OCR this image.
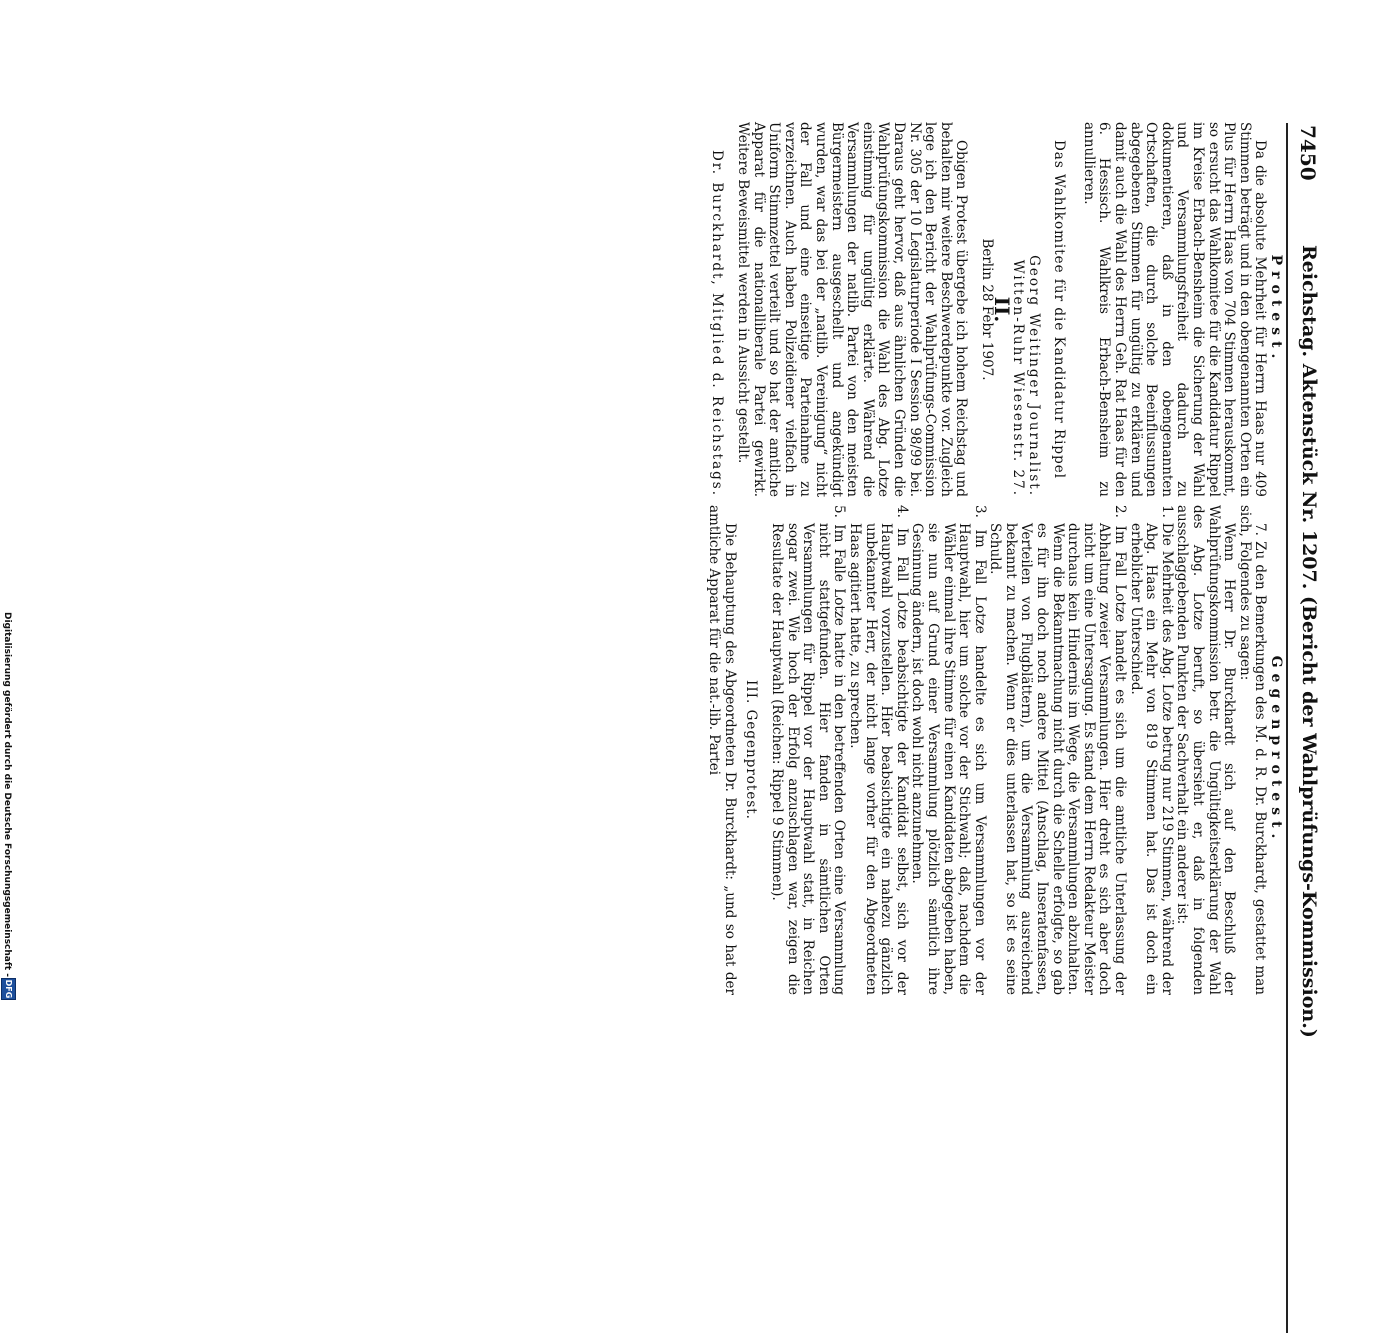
7450
Reichstag. Aktenstück Nr. 1207. (Bericht der Wahlprüfungs-Kommission.)

Protest.

Da die absolute Mehrheit für Herrn Haas nur 409 Stimmen beträgt und in den obengenannten Orten ein Plus für Herrn Haas von 704 Stimmen herauskommt, so ersucht das Wahlkomitee für die Kandidatur Rippel im Kreise Erbach-Bensheim die Sicherung der Wahl und Versammlungsfreiheit dadurch zu dokumentieren, daß in den obengenannten Ortschaften, die durch solche Beeinflussungen abgegebenen Stimmen für ungültig zu erklären und damit auch die Wahl des Herrn Geh. Rat Haas für den 6. Hessisch. Wahlkreis Erbach-Bensheim zu annullieren.

Das Wahlkomitee für die Kandidatur Rippel

Georg Weitinger Journalist.

Witten-Ruhr Wiesenstr. 27.

II.

Berlin 28 Febr 1907.

Obigen Protest übergebe ich hohem Reichstag und behalten mir weitere Beschwerdepunkte vor. Zugleich lege ich den Bericht der Wahlprüfungs-Commission Nr. 305 der 10 Legislaturperiode I Session 98/99 bei. Daraus geht hervor, daß aus ähnlichen Gründen die Wahlprüfungskommission die Wahl des Abg. Lotze einstimmig für ungültig erklärte. Während die Versammlungen der natlib. Partei von den meisten Bürgermeistern ausgeschellt und angekündigt wurden, war das bei der „natlib. Vereinigung“ nicht der Fall und eine einseitige Parteinahme zu verzeichnen. Auch haben Polizeidiener vielfach in Uniform Stimmzettel verteilt und so hat der amtliche Apparat für die nationalliberale Partei gewirkt. Weitere Beweismittel werden in Aussicht gestellt.

Dr. Burckhardt, Mitglied d. Reichstags.

Gegenprotest.

7. Zu den Bemerkungen des M. d. R. Dr. Burckhardt, gestattet man sich, Folgendes zu sagen:

Wenn Herr Dr. Burckhardt sich auf den Beschluß der Wahlprüfungskommission betr. die Ungültigkeitserklärung der Wahl des Abg. Lotze beruft, so übersieht er, daß in folgenden ausschlaggebenden Punkten der Sachverhalt ein anderer ist:

1. Die Mehrheit des Abg. Lotze betrug nur 219 Stimmen, während der Abg. Haas ein Mehr von 819 Stimmen hat. Das ist doch ein erheblicher Unterschied.

2. Im Fall Lotze handelt es sich um die amtliche Unterlassung der Abhaltung zweier Versammlungen. Hier dreht es sich aber doch nicht um eine Untersagung. Es stand dem Herrn Redakteur Meister durchaus kein Hindernis im Wege, die Versammlungen abzuhalten. Wenn die Bekanntmachung nicht durch die Schelle erfolgte, so gab es für ihn doch noch andere Mittel (Anschlag, Inseratenfassen, Verteilen von Flugblättern), um die Versammlung ausreichend bekannt zu machen. Wenn er dies unterlassen hat, so ist es seine Schuld.

3. Im Fall Lotze handelte es sich um Versammlungen vor der Hauptwahl, hier um solche vor der Stichwahl; daß, nachdem die Wähler einmal ihre Stimme für einen Kandidaten abgegeben haben, sie nun auf Grund einer Versammlung plötzlich sämtlich ihre Gesinnung ändern, ist doch wohl nicht anzunehmen.

4. Im Fall Lotze beabsichtigte der Kandidat selbst, sich vor der Hauptwahl vorzustellen. Hier beabsichtigte ein nahezu gänzlich unbekannter Herr, der nicht lange vorher für den Abgeordneten Haas agitiert hatte, zu sprechen.

5. Im Falle Lotze hatte in den betreffenden Orten eine Versammlung nicht stattgefunden. Hier fanden in sämtlichen Orten Versammlungen für Rippel vor der Hauptwahl statt, in Reichen sogar zwei. Wie hoch der Erfolg anzuschlagen war, zeigen die Resultate der Hauptwahl (Reichen: Rippel 9 Stimmen).

III. Gegenprotest.

Die Behauptung des Abgeordneten Dr. Burckhardt: „und so hat der amtliche Apparat für die nat.-lib. Partei

Digitalisierung gefördert durch die Deutsche Forschungsgemeinschaft -
DFG
